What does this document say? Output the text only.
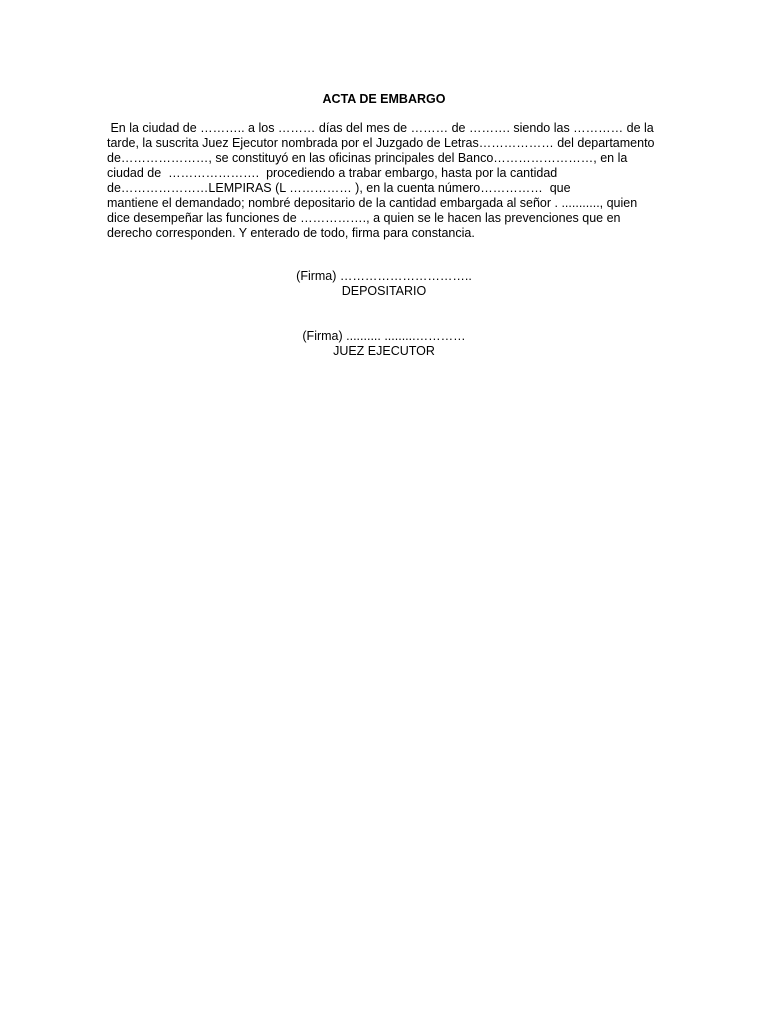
ACTA DE EMBARGO

En la ciudad de ……….. a los ……… días del mes de ……… de ………. siendo las ………… de la
tarde, la suscrita Juez Ejecutor nombrada por el Juzgado de Letras……………… del departamento
de…………………, se constituyó en las oficinas principales del Banco……………………, en la
ciudad de  ………………….  procediendo a trabar embargo, hasta por la cantidad
de…………………LEMPIRAS (L …………… ), en la cuenta número……………  que
mantiene el demandado; nombré depositario de la cantidad embargada al señor . ..........., quien
dice desempeñar las funciones de ……………., a quien se le hacen las prevenciones que en
derecho corresponden. Y enterado de todo, firma para constancia.

(Firma) …………………………..
DEPOSITARIO
(Firma) .......... .........…………
JUEZ EJECUTOR
